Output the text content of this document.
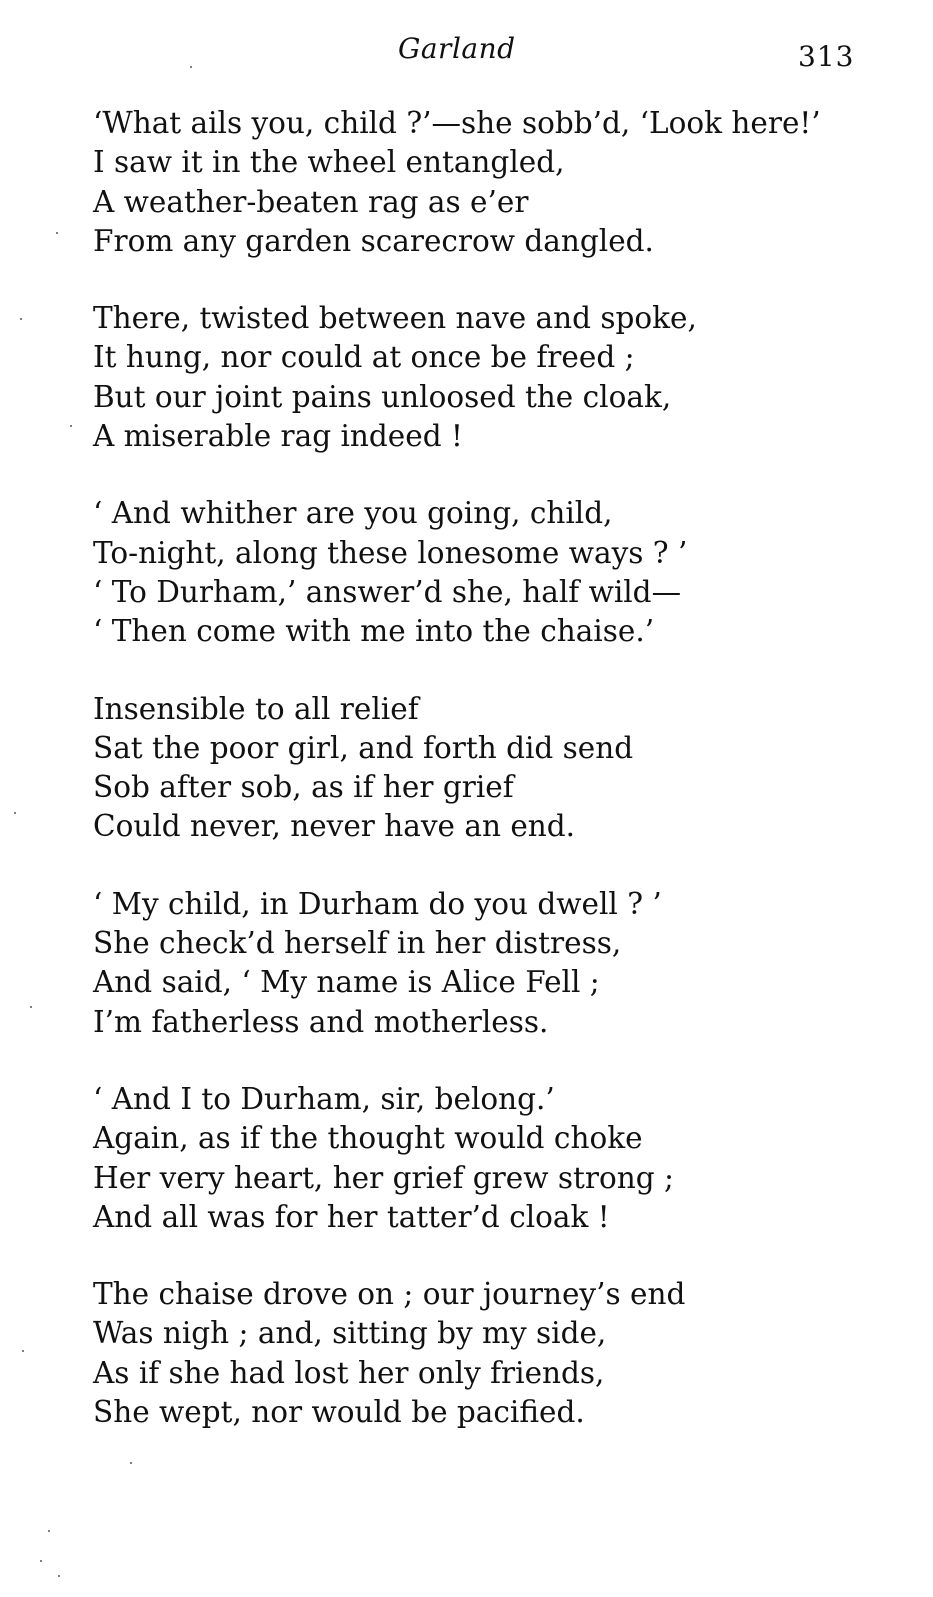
Garland	313
‘What ails you, child ?’—she sobb’d, ‘Look here!’
I saw it in the wheel entangled,
A weather-beaten rag as e’er
From any garden scarecrow dangled.
There, twisted between nave and spoke,
It hung, nor could at once be freed ;
But our joint pains unloosed the cloak,
A miserable rag indeed !
‘ And whither are you going, child,
To-night, along these lonesome ways ? ’
‘ To Durham,’ answer’d she, half wild—
‘ Then come with me into the chaise.’
Insensible to all relief
Sat the poor girl, and forth did send
Sob after sob, as if her grief
Could never, never have an end.
‘ My child, in Durham do you dwell ? ’
She check’d herself in her distress,
And said, ‘ My name is Alice Fell ;
I’m fatherless and motherless.
‘ And I to Durham, sir, belong.’
Again, as if the thought would choke
Her very heart, her grief grew strong ;
And all was for her tatter’d cloak !
The chaise drove on ; our journey’s end
Was nigh ; and, sitting by my side,
As if she had lost her only friends,
She wept, nor would be pacified.
